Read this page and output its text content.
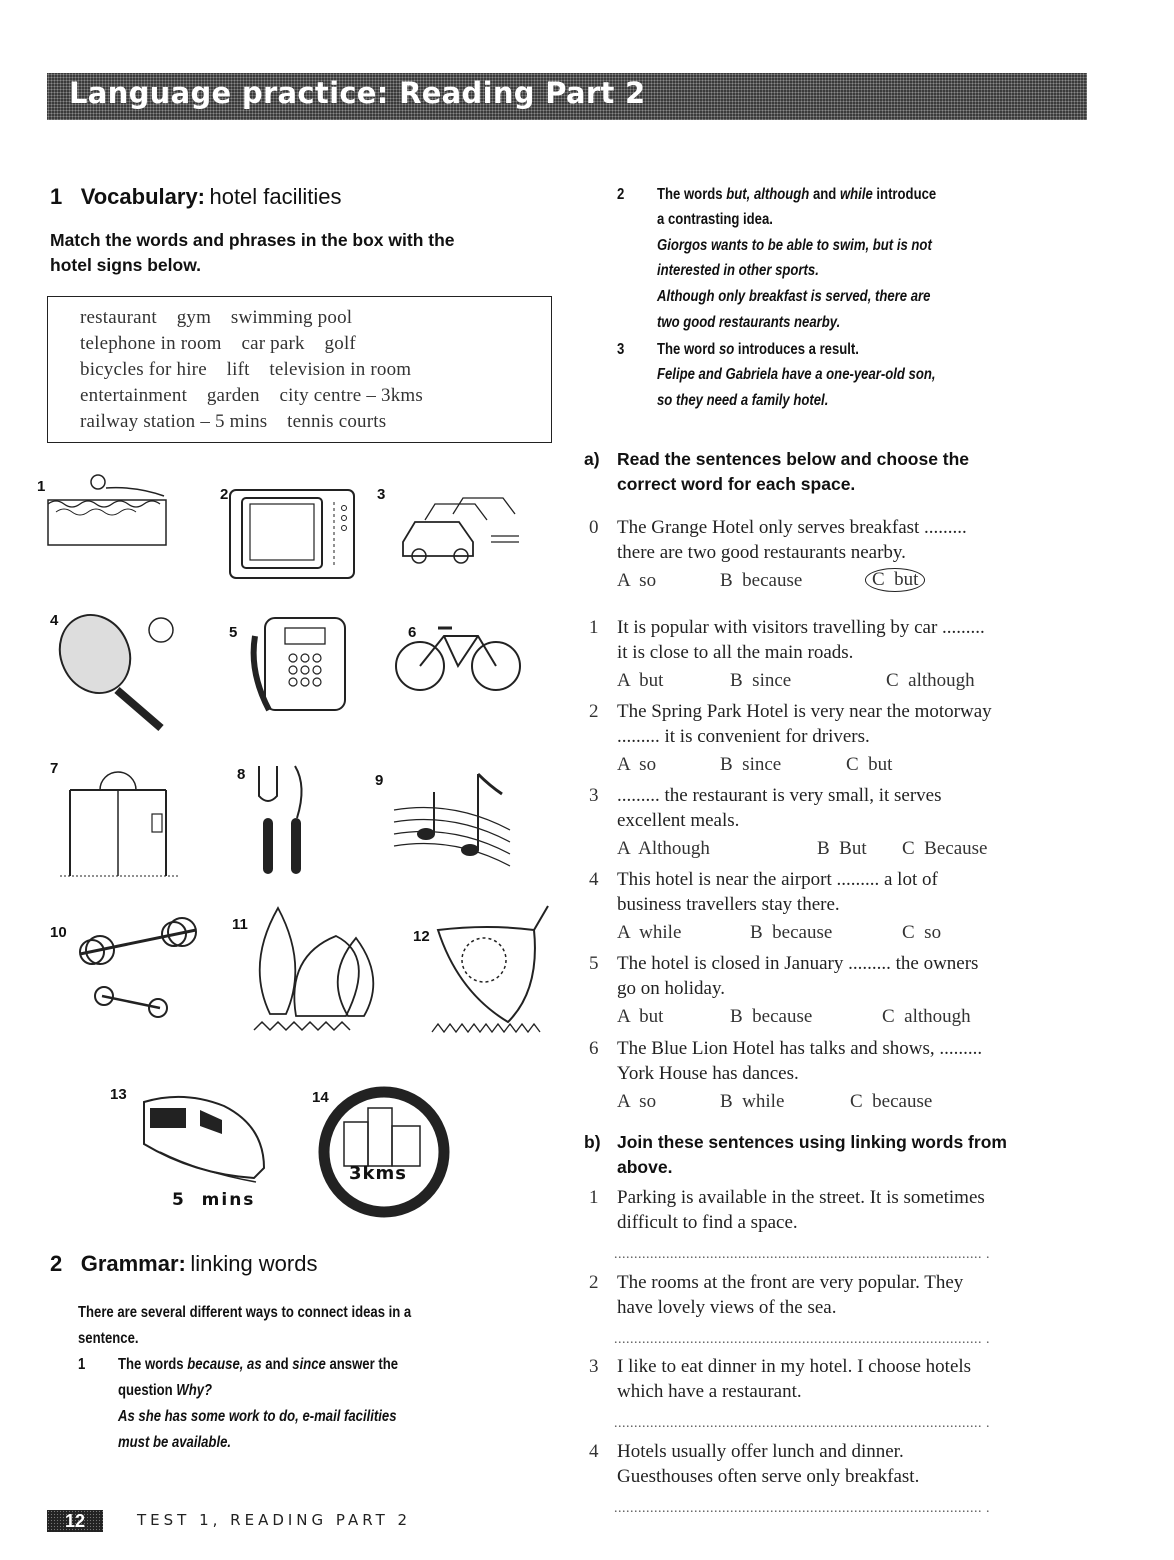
Language practice: Reading Part 2
1 Vocabulary: hotel facilities
Match the words and phrases in the box with the
hotel signs below.
restaurant    gym    swimming pool
telephone in room    car park    golf
bicycles for hire    lift    television in room
entertainment    garden    city centre – 3kms
railway station – 5 mins    tennis courts
1	2	3
4
5	6
7	8	9
10	11
12
13	14
5  mins
3kms
2 Grammar: linking words
There are several different ways to connect ideas in a
sentence.
1 The words because, as and since answer the
question Why?
As she has some work to do, e-mail facilities
must be available.
2 The words but, although and while introduce
a contrasting idea.
Giorgos wants to be able to swim, but is not
interested in other sports.
Although only breakfast is served, there are
two good restaurants nearby.
3 The word so introduces a result.
Felipe and Gabriela have a one-year-old son,
so they need a family hotel.
a) Read the sentences below and choose the
correct word for each space.
0 The Grange Hotel only serves breakfast .........
there are two good restaurants nearby.
A  so	B  because	C  but
1 It is popular with visitors travelling by car .........
it is close to all the main roads.
A  but	B  since	C  although
2 The Spring Park Hotel is very near the motorway
......... it is convenient for drivers.
A  so	B  since	C  but
3 ......... the restaurant is very small, it serves
excellent meals.
A  Although	B  But C  Because
4 This hotel is near the airport ......... a lot of
business travellers stay there.
A  while	B  because	C  so
5 The hotel is closed in January ......... the owners
go on holiday.
A  but	B  because	C  although
6 The Blue Lion Hotel has talks and shows, .........
York House has dances.
A  so	B  while	C  because
b) Join these sentences using linking words from
above.
1 Parking is available in the street. It is sometimes
difficult to find a space.
............................................................................................ .
2 The rooms at the front are very popular. They
have lovely views of the sea.
............................................................................................ .
3 I like to eat dinner in my hotel. I choose hotels
which have a restaurant.
............................................................................................ .
4 Hotels usually offer lunch and dinner.
Guesthouses often serve only breakfast.
............................................................................................ .
12	TEST 1, READING PART 2
